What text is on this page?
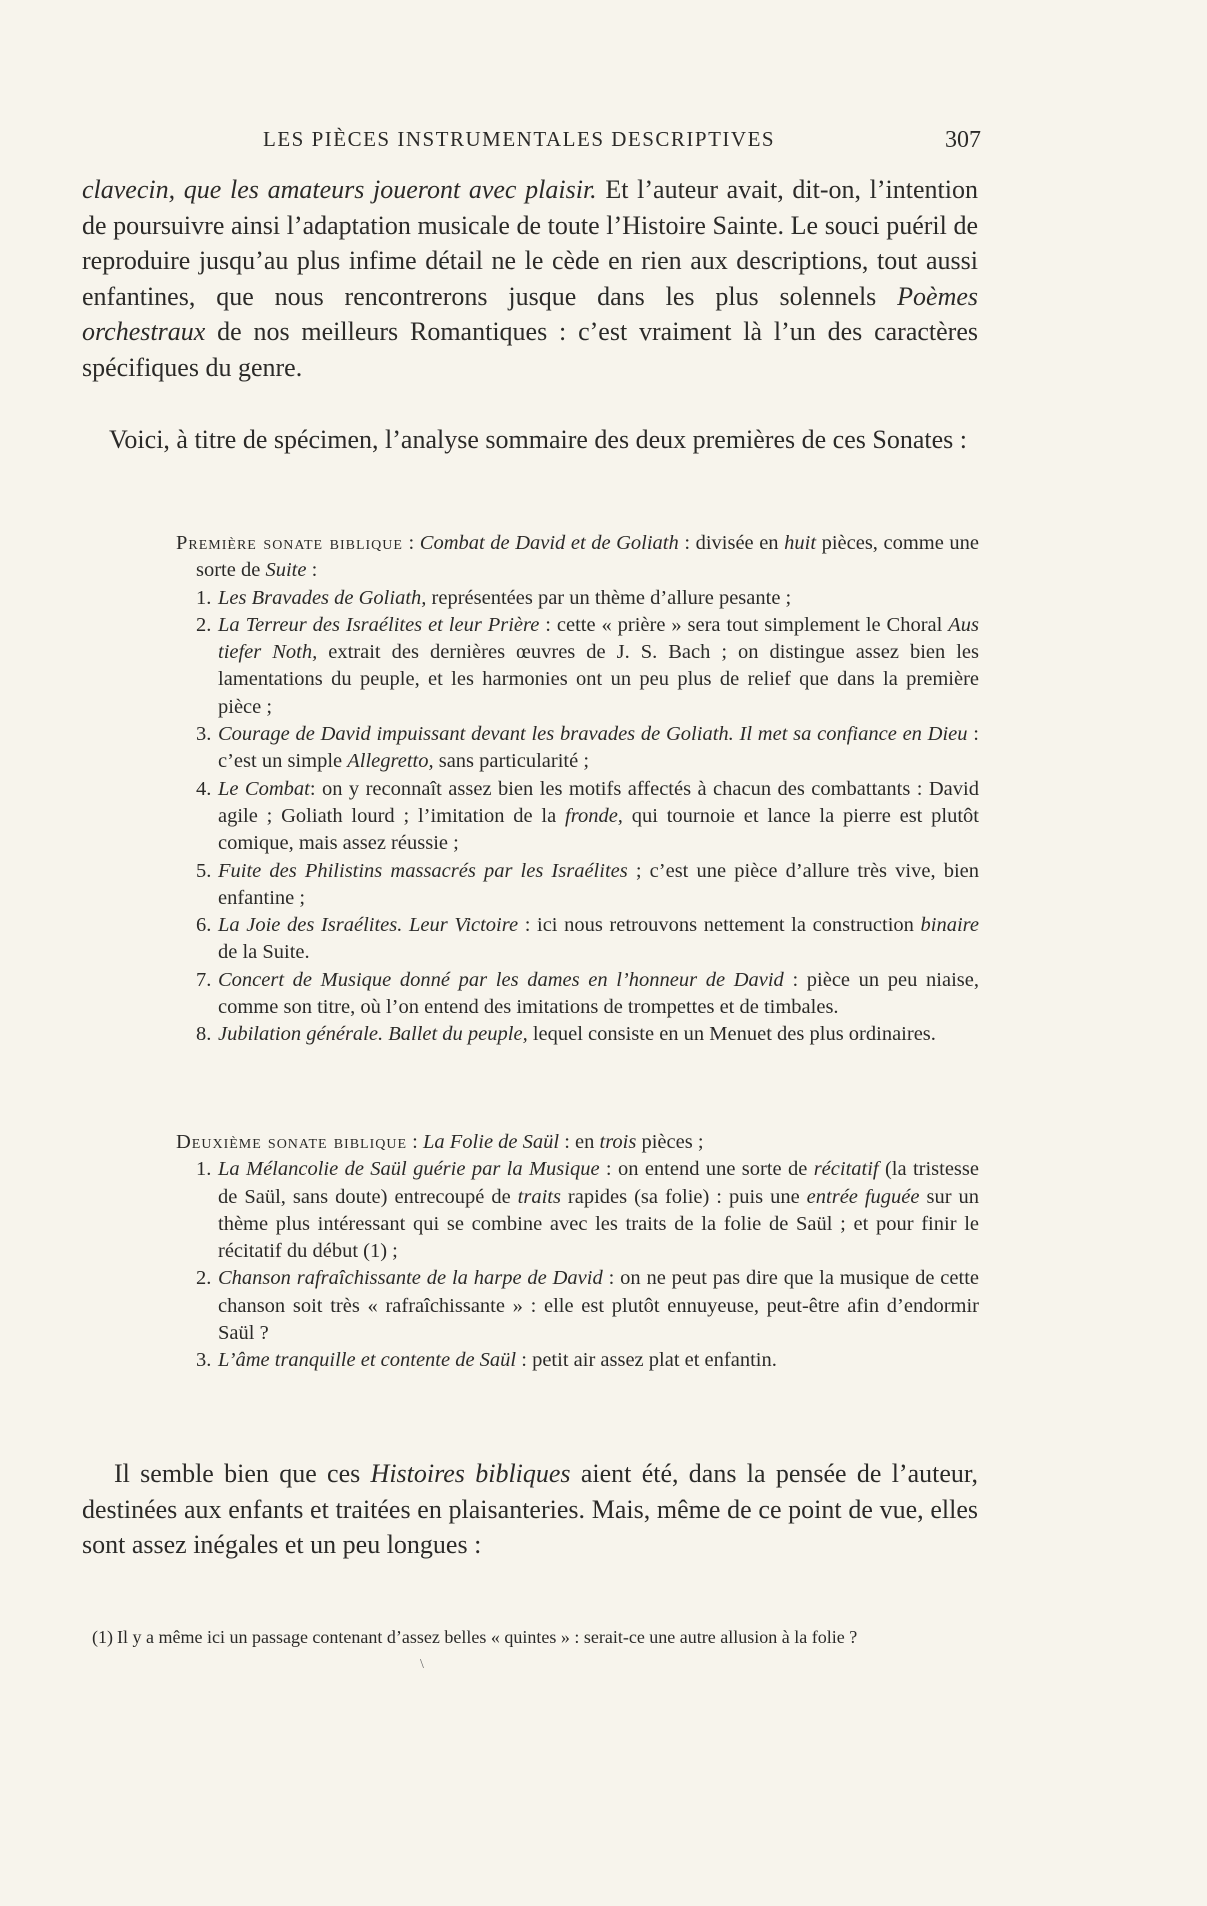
LES PIÈCES INSTRUMENTALES DESCRIPTIVES	307
clavecin, que les amateurs joueront avec plaisir. Et l’auteur avait, dit-on, l’intention de poursuivre ainsi l’adaptation musicale de toute l’Histoire Sainte. Le souci puéril de reproduire jusqu’au plus infime détail ne le cède en rien aux descriptions, tout aussi enfantines, que nous rencontrerons jusque dans les plus solennels Poèmes orchestraux de nos meilleurs Romantiques : c’est vraiment là l’un des caractères spécifiques du genre.
Voici, à titre de spécimen, l’analyse sommaire des deux premières de ces Sonates :
Première sonate biblique : Combat de David et de Goliath : divisée en huit pièces, comme une sorte de Suite :
1. Les Bravades de Goliath, représentées par un thème d’allure pesante ;
2. La Terreur des Israélites et leur Prière : cette « prière » sera tout simplement le Choral Aus tiefer Noth, extrait des dernières œuvres de J. S. Bach ; on distingue assez bien les lamentations du peuple, et les harmonies ont un peu plus de relief que dans la première pièce ;
3. Courage de David impuissant devant les bravades de Goliath. Il met sa confiance en Dieu : c’est un simple Allegretto, sans particularité ;
4. Le Combat: on y reconnaît assez bien les motifs affectés à chacun des combattants : David agile ; Goliath lourd ; l’imitation de la fronde, qui tournoie et lance la pierre est plutôt comique, mais assez réussie ;
5. Fuite des Philistins massacrés par les Israélites ; c’est une pièce d’allure très vive, bien enfantine ;
6. La Joie des Israélites. Leur Victoire : ici nous retrouvons nettement la construction binaire de la Suite.
7. Concert de Musique donné par les dames en l’honneur de David : pièce un peu niaise, comme son titre, où l’on entend des imitations de trompettes et de timbales.
8. Jubilation générale. Ballet du peuple, lequel consiste en un Menuet des plus ordinaires.
Deuxième sonate biblique : La Folie de Saül : en trois pièces ;
1. La Mélancolie de Saül guérie par la Musique : on entend une sorte de récitatif (la tristesse de Saül, sans doute) entrecoupé de traits rapides (sa folie) : puis une entrée fuguée sur un thème plus intéressant qui se combine avec les traits de la folie de Saül ; et pour finir le récitatif du début (1) ;
2. Chanson rafraîchissante de la harpe de David : on ne peut pas dire que la musique de cette chanson soit très « rafraîchissante » : elle est plutôt ennuyeuse, peut-être afin d’endormir Saül ?
3. L’âme tranquille et contente de Saül : petit air assez plat et enfantin.
Il semble bien que ces Histoires bibliques aient été, dans la pensée de l’auteur, destinées aux enfants et traitées en plaisanteries. Mais, même de ce point de vue, elles sont assez inégales et un peu longues :
(1) Il y a même ici un passage contenant d’assez belles « quintes » : serait-ce une autre allusion à la folie ?
\
